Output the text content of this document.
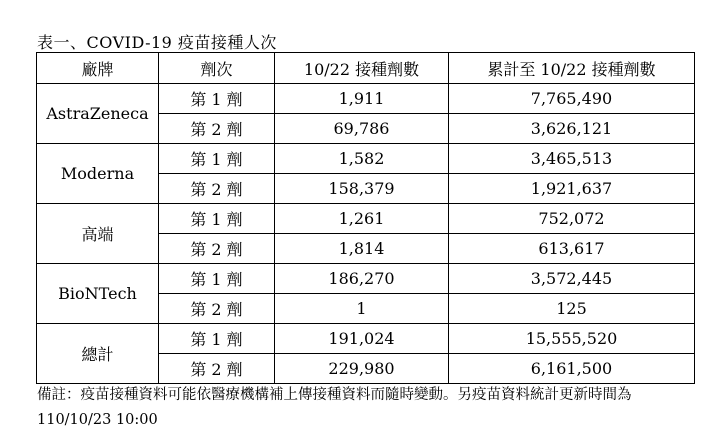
表一、COVID-19 疫苗接種人次
廠牌	劑次	10/22 接種劑數	累計至 10/22 接種劑數
AstraZeneca	第 1 劑	1,911	7,765,490
	第 2 劑	69,786	3,626,121
Moderna	第 1 劑	1,582	3,465,513
	第 2 劑	158,379	1,921,637
高端	第 1 劑	1,261	752,072
	第 2 劑	1,814	613,617
BioNTech	第 1 劑	186,270	3,572,445
	第 2 劑	1	125
總計	第 1 劑	191,024	15,555,520
	第 2 劑	229,980	6,161,500
備註：疫苗接種資料可能依醫療機構補上傳接種資料而隨時變動。另疫苗資料統計更新時間為
110/10/23 10:00
